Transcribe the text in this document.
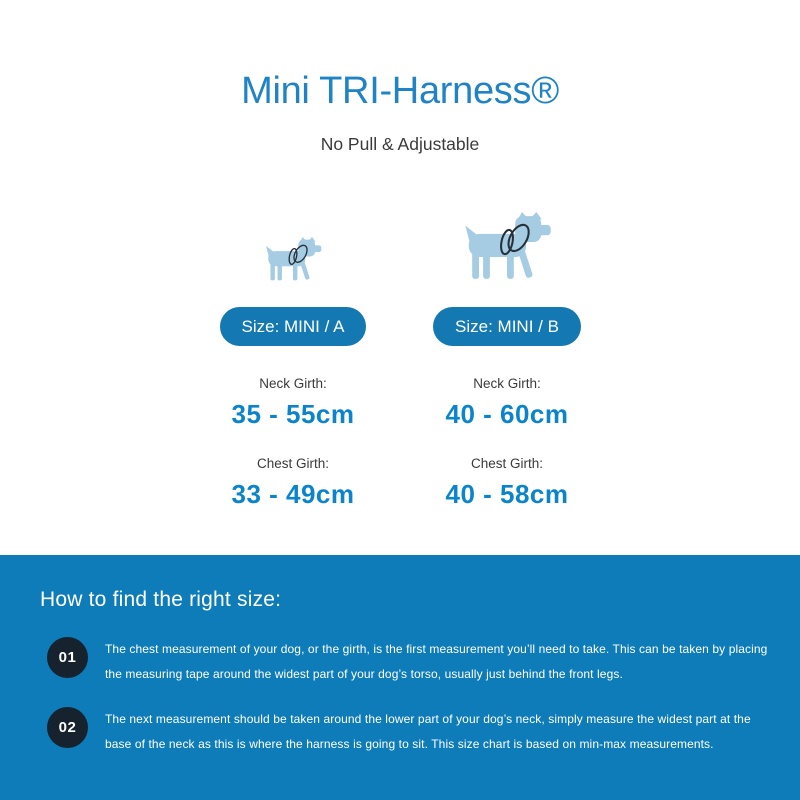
Mini TRI-Harness®

No Pull & Adjustable

Size: MINI / A
Neck Girth:
35 - 55cm
Chest Girth:
33 - 49cm
Size: MINI / B
Neck Girth:
40 - 60cm
Chest Girth:
40 - 58cm
How to find the right size:
01	The chest measurement of your dog, or the girth, is the first measurement you’ll need to take. This can be taken by placing the measuring tape around the widest part of your dog’s torso, usually just behind the front legs.

02	The next measurement should be taken around the lower part of your dog’s neck, simply measure the widest part at the base of the neck as this is where the harness is going to sit. This size chart is based on min-max measurements.
